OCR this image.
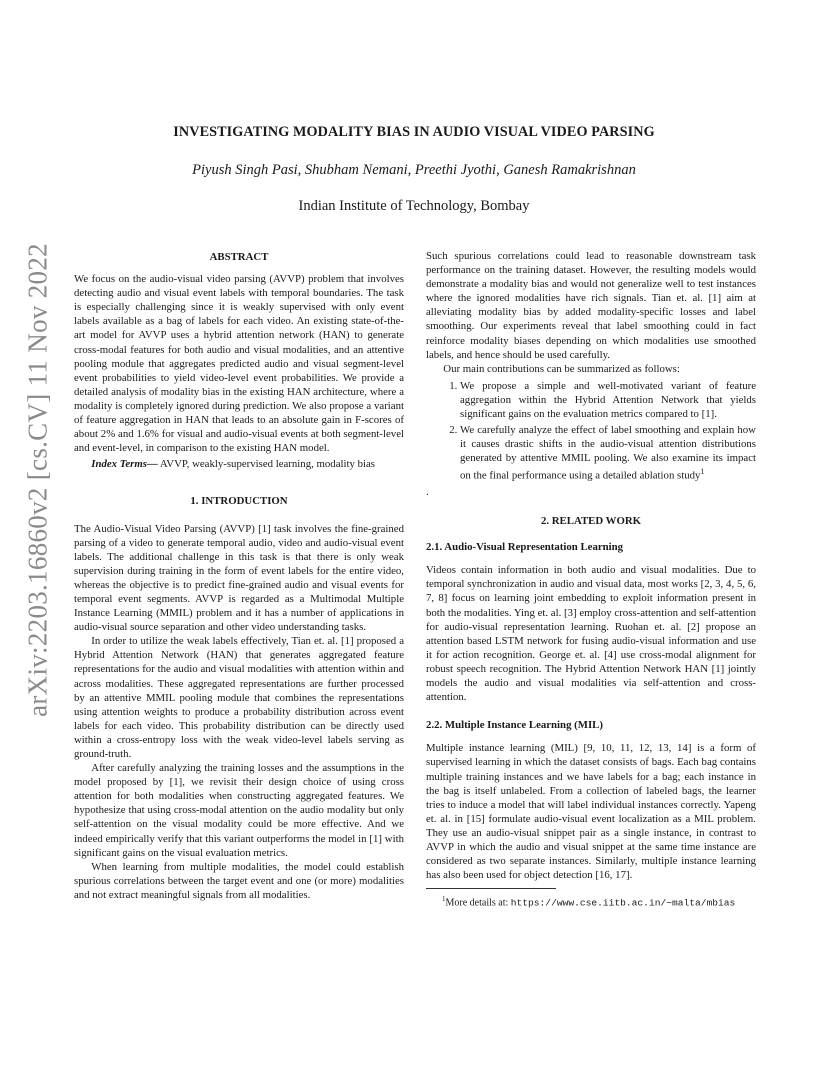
arXiv:2203.16860v2 [cs.CV] 11 Nov 2022
INVESTIGATING MODALITY BIAS IN AUDIO VISUAL VIDEO PARSING
Piyush Singh Pasi, Shubham Nemani, Preethi Jyothi, Ganesh Ramakrishnan
Indian Institute of Technology, Bombay

ABSTRACT

We focus on the audio-visual video parsing (AVVP) problem that involves detecting audio and visual event labels with temporal boundaries. The task is especially challenging since it is weakly supervised with only event labels available as a bag of labels for each video. An existing state-of-the-art model for AVVP uses a hybrid attention network (HAN) to generate cross-modal features for both audio and visual modalities, and an attentive pooling module that aggregates predicted audio and visual segment-level event probabilities to yield video-level event probabilities. We provide a detailed analysis of modality bias in the existing HAN architecture, where a modality is completely ignored during prediction. We also propose a variant of feature aggregation in HAN that leads to an absolute gain in F-scores of about 2% and 1.6% for visual and audio-visual events at both segment-level and event-level, in comparison to the existing HAN model.

Index Terms— AVVP, weakly-supervised learning, modality bias

1. INTRODUCTION

The Audio-Visual Video Parsing (AVVP) [1] task involves the fine-grained parsing of a video to generate temporal audio, video and audio-visual event labels. The additional challenge in this task is that there is only weak supervision during training in the form of event labels for the entire video, whereas the objective is to predict fine-grained audio and visual events for temporal event segments. AVVP is regarded as a Multimodal Multiple Instance Learning (MMIL) problem and it has a number of applications in audio-visual source separation and other video understanding tasks.

In order to utilize the weak labels effectively, Tian et. al. [1] proposed a Hybrid Attention Network (HAN) that generates aggregated feature representations for the audio and visual modalities with attention within and across modalities. These aggregated representations are further processed by an attentive MMIL pooling module that combines the representations using attention weights to produce a probability distribution across event labels for each video. This probability distribution can be directly used within a cross-entropy loss with the weak video-level labels serving as ground-truth.

After carefully analyzing the training losses and the assumptions in the model proposed by [1], we revisit their design choice of using cross attention for both modalities when constructing aggregated features. We hypothesize that using cross-modal attention on the audio modality but only self-attention on the visual modality could be more effective. And we indeed empirically verify that this variant outperforms the model in [1] with significant gains on the visual evaluation metrics.

When learning from multiple modalities, the model could establish spurious correlations between the target event and one (or more) modalities and not extract meaningful signals from all modalities.

Such spurious correlations could lead to reasonable downstream task performance on the training dataset. However, the resulting models would demonstrate a modality bias and would not generalize well to test instances where the ignored modalities have rich signals. Tian et. al. [1] aim at alleviating modality bias by added modality-specific losses and label smoothing. Our experiments reveal that label smoothing could in fact reinforce modality biases depending on which modalities use smoothed labels, and hence should be used carefully.

Our main contributions can be summarized as follows:

1. We propose a simple and well-motivated variant of feature aggregation within the Hybrid Attention Network that yields significant gains on the evaluation metrics compared to [1].
2. We carefully analyze the effect of label smoothing and explain how it causes drastic shifts in the audio-visual attention distributions generated by attentive MMIL pooling. We also examine its impact on the final performance using a detailed ablation study$^1$

.

2. RELATED WORK

2.1. Audio-Visual Representation Learning

Videos contain information in both audio and visual modalities. Due to temporal synchronization in audio and visual data, most works [2, 3, 4, 5, 6, 7, 8] focus on learning joint embedding to exploit information present in both the modalities. Ying et. al. [3] employ cross-attention and self-attention for audio-visual representation learning. Ruohan et. al. [2] propose an attention based LSTM network for fusing audio-visual information and use it for action recognition. George et. al. [4] use cross-modal alignment for robust speech recognition. The Hybrid Attention Network HAN [1] jointly models the audio and visual modalities via self-attention and cross-attention.

2.2. Multiple Instance Learning (MIL)

Multiple instance learning (MIL) [9, 10, 11, 12, 13, 14] is a form of supervised learning in which the dataset consists of bags. Each bag contains multiple training instances and we have labels for a bag; each instance in the bag is itself unlabeled. From a collection of labeled bags, the learner tries to induce a model that will label individual instances correctly. Yapeng et. al. in [15] formulate audio-visual event localization as a MIL problem. They use an audio-visual snippet pair as a single instance, in contrast to AVVP in which the audio and visual snippet at the same time instance are considered as two separate instances. Similarly, multiple instance learning has also been used for object detection [16, 17].

$^1$More details at: https://www.cse.iitb.ac.in/~malta/mbias
